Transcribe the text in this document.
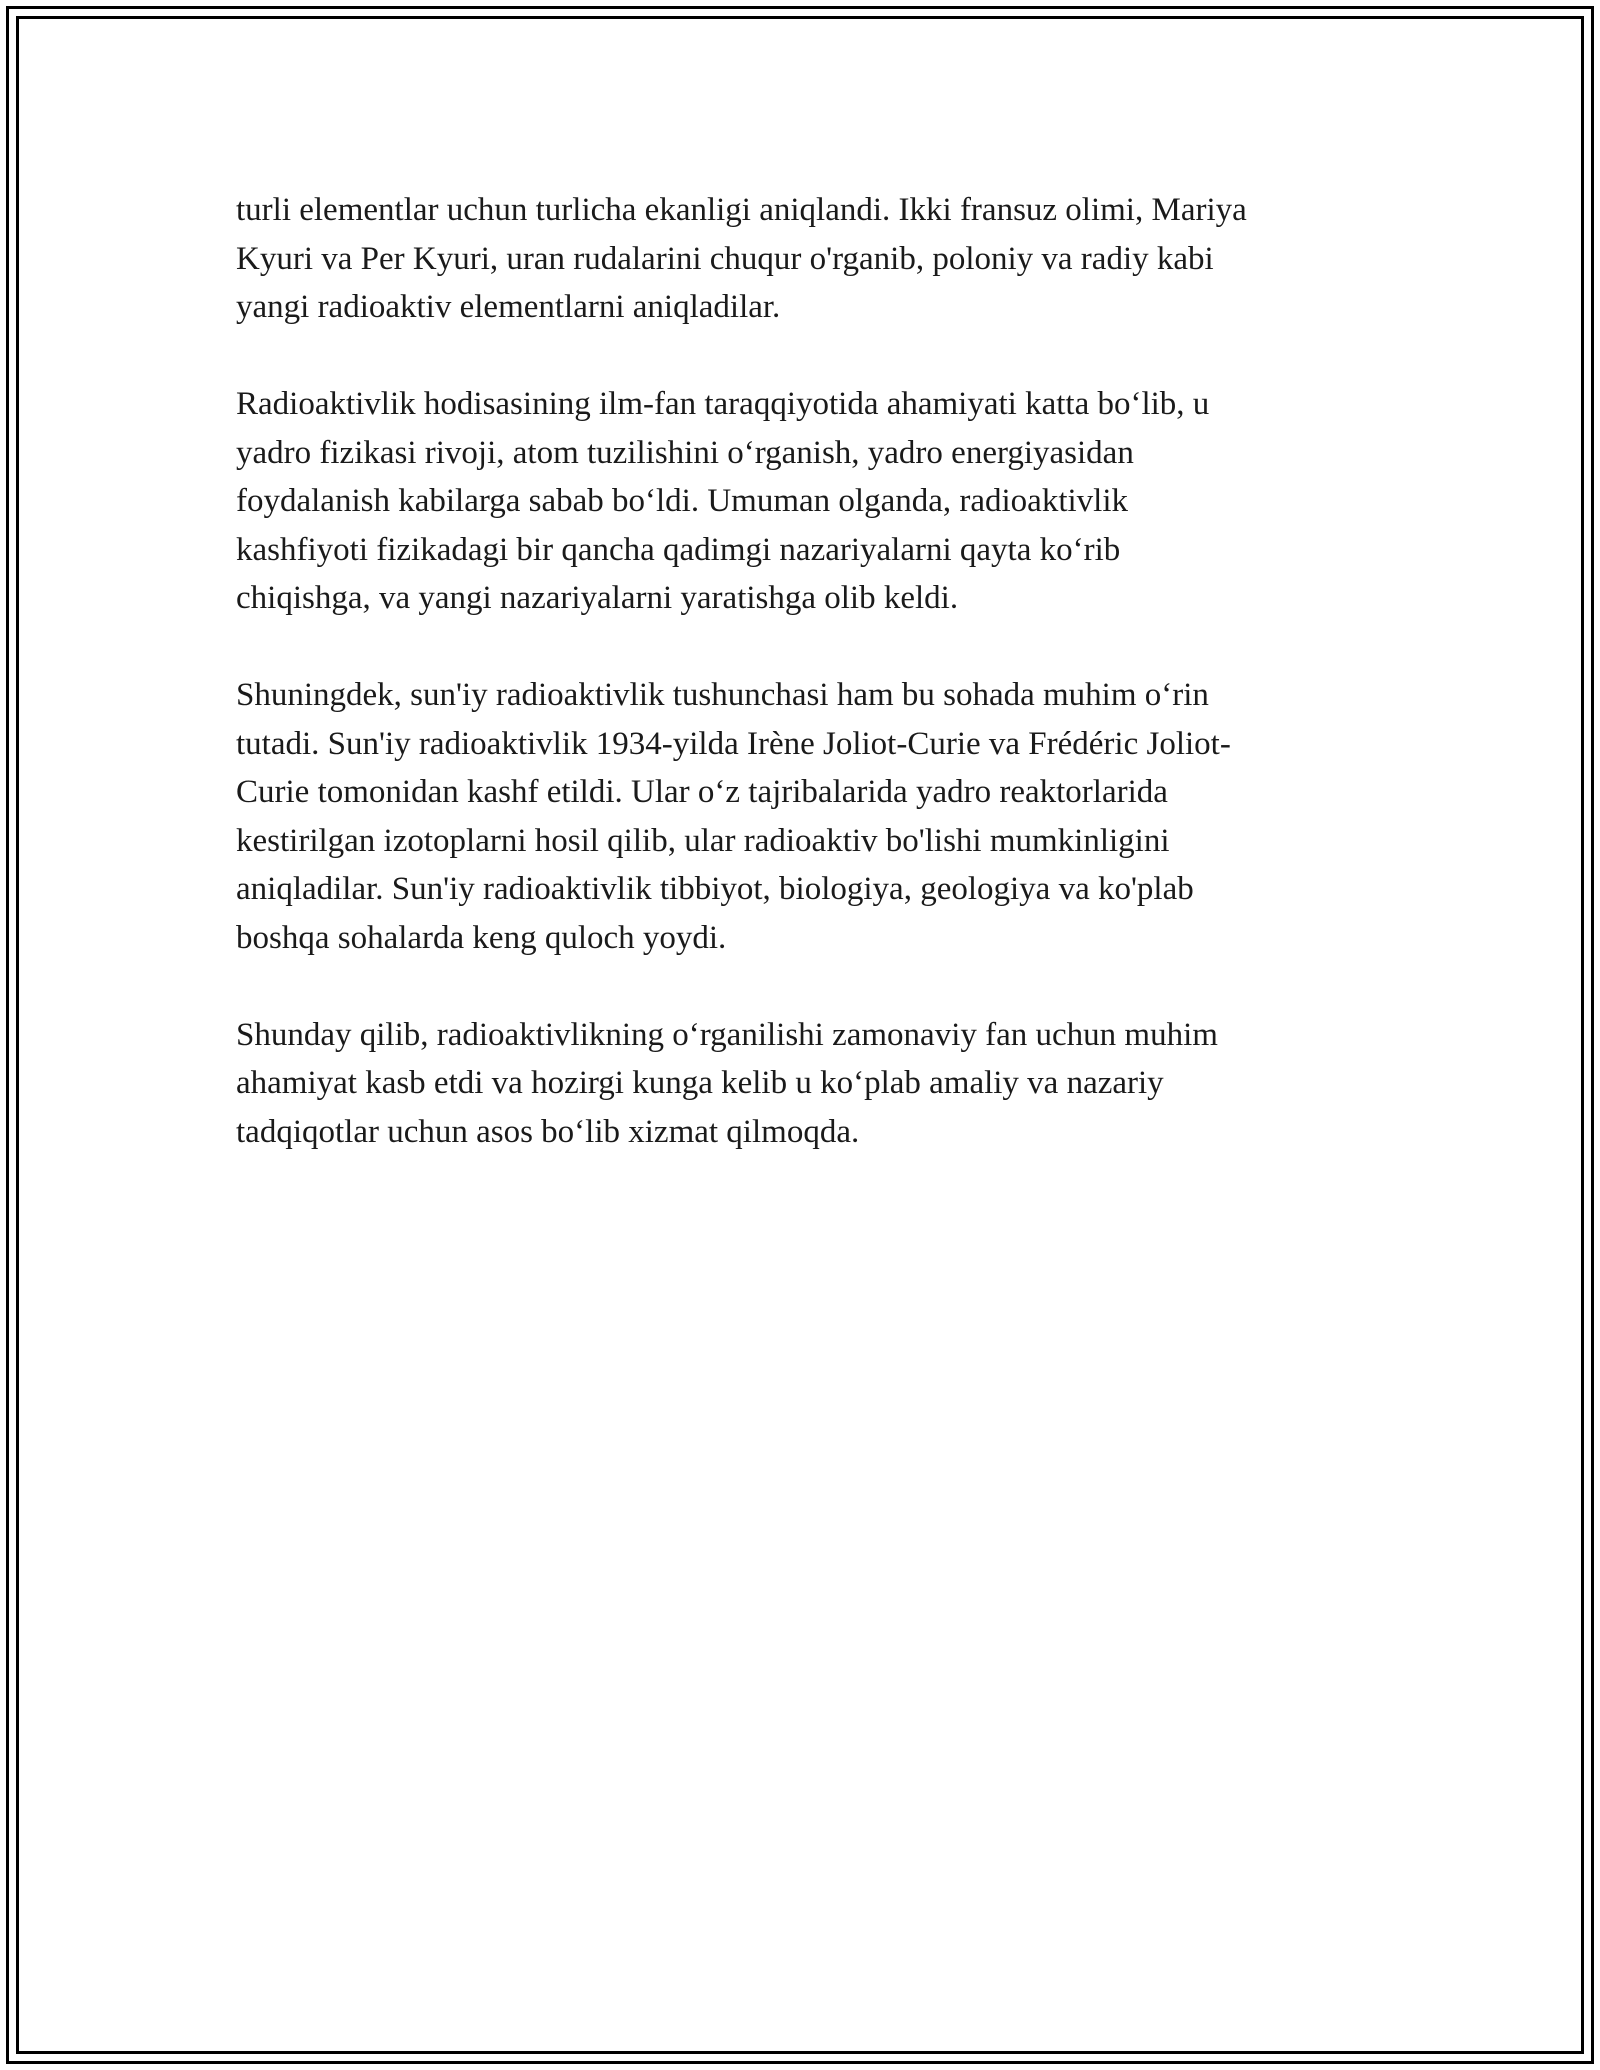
turli elementlar uchun turlicha ekanligi aniqlandi. Ikki fransuz olimi, Mariya
Kyuri va Per Kyuri, uran rudalarini chuqur o'rganib, poloniy va radiy kabi
yangi radioaktiv elementlarni aniqladilar.

Radioaktivlik hodisasining ilm-fan taraqqiyotida ahamiyati katta bo‘lib, u
yadro fizikasi rivoji, atom tuzilishini o‘rganish, yadro energiyasidan
foydalanish kabilarga sabab bo‘ldi. Umuman olganda, radioaktivlik
kashfiyoti fizikadagi bir qancha qadimgi nazariyalarni qayta ko‘rib
chiqishga, va yangi nazariyalarni yaratishga olib keldi.

Shuningdek, sun'iy radioaktivlik tushunchasi ham bu sohada muhim o‘rin
tutadi. Sun'iy radioaktivlik 1934-yilda Irène Joliot-Curie va Frédéric Joliot-
Curie tomonidan kashf etildi. Ular o‘z tajribalarida yadro reaktorlarida
kestirilgan izotoplarni hosil qilib, ular radioaktiv bo'lishi mumkinligini
aniqladilar. Sun'iy radioaktivlik tibbiyot, biologiya, geologiya va ko'plab
boshqa sohalarda keng quloch yoydi.

Shunday qilib, radioaktivlikning o‘rganilishi zamonaviy fan uchun muhim
ahamiyat kasb etdi va hozirgi kunga kelib u ko‘plab amaliy va nazariy
tadqiqotlar uchun asos bo‘lib xizmat qilmoqda.
